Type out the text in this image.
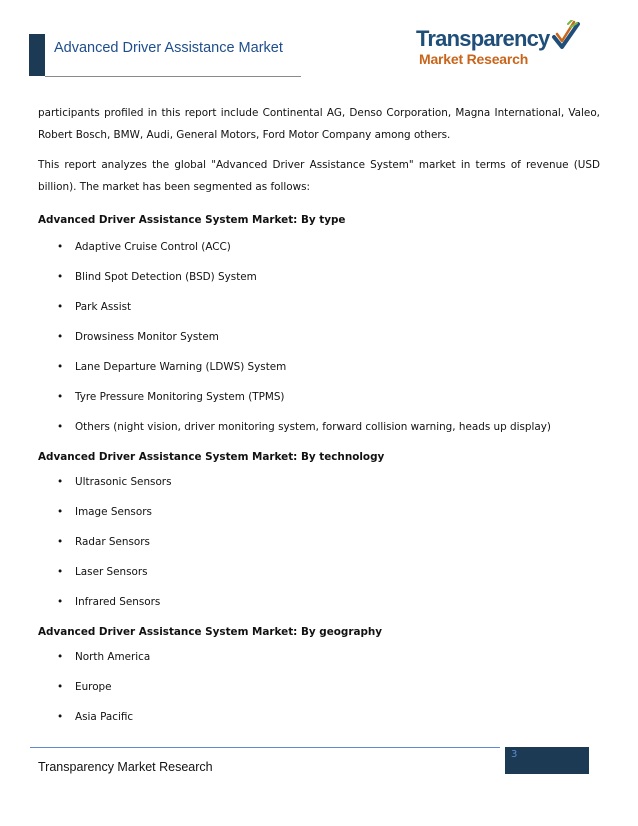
Advanced Driver Assistance Market	Transparency
Market Research

participants profiled in this report include Continental AG, Denso Corporation, Magna International, Valeo, Robert Bosch, BMW, Audi, General Motors, Ford Motor Company among others.

This report analyzes the global "Advanced Driver Assistance System" market in terms of revenue (USD billion). The market has been segmented as follows:

Advanced Driver Assistance System Market: By type

• Adaptive Cruise Control (ACC)
• Blind Spot Detection (BSD) System
• Park Assist
• Drowsiness Monitor System
• Lane Departure Warning (LDWS) System
• Tyre Pressure Monitoring System (TPMS)
• Others (night vision, driver monitoring system, forward collision warning, heads up display)

Advanced Driver Assistance System Market: By technology

• Ultrasonic Sensors
• Image Sensors
• Radar Sensors
• Laser Sensors
• Infrared Sensors

Advanced Driver Assistance System Market: By geography

• North America
• Europe
• Asia Pacific
3
Transparency Market Research
